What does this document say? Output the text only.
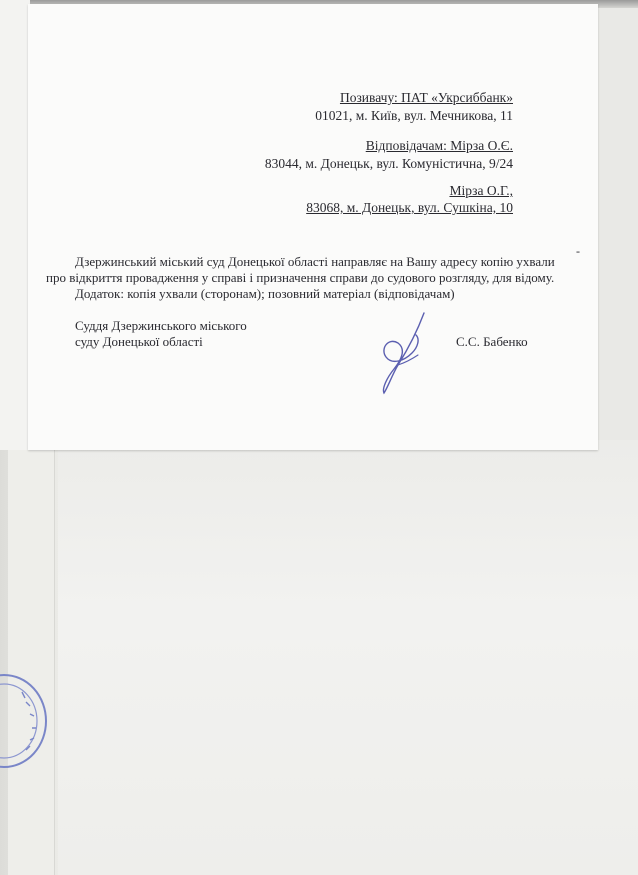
Позивачу: ПАТ «Укрсиббанк»
01021, м. Київ, вул. Мечникова, 11
Відповідачам: Мірза О.Є.
83044, м. Донецьк, вул. Комуністична, 9/24
Мірза О.Г.,
83068, м. Донецьк, вул. Сушкіна, 10
-
Дзержинський міський суд Донецької області направляє на Вашу адресу копію ухвали
про відкриття провадження у справі і призначення справи до судового розгляду, для відому.
Додаток: копія ухвали (сторонам); позовний матеріал (відповідачам)
Суддя Дзержинського міського
суду Донецької області	С.С. Бабенко
